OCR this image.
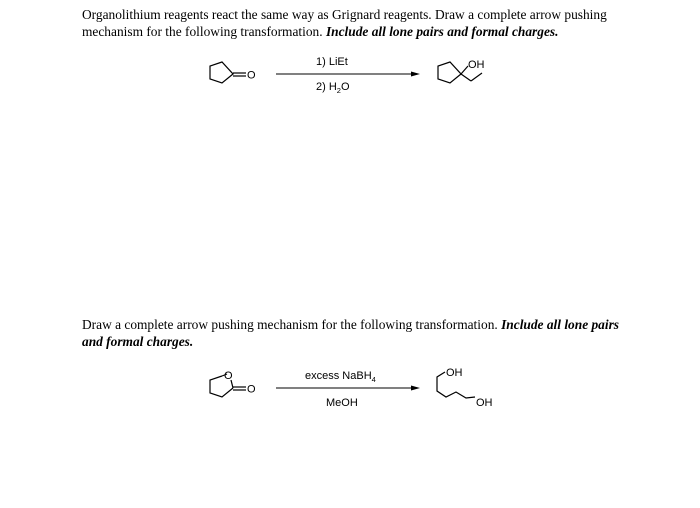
Organolithium reagents react the same way as Grignard reagents. Draw a complete arrow pushing mechanism for the following transformation. Include all lone pairs and formal charges.

O
1) LiEt
2) $H_2O$
OH

Draw a complete arrow pushing mechanism for the following transformation. Include all lone pairs and formal charges.

O
O
excess NaBH$_4$
MeOH
OH
OH
